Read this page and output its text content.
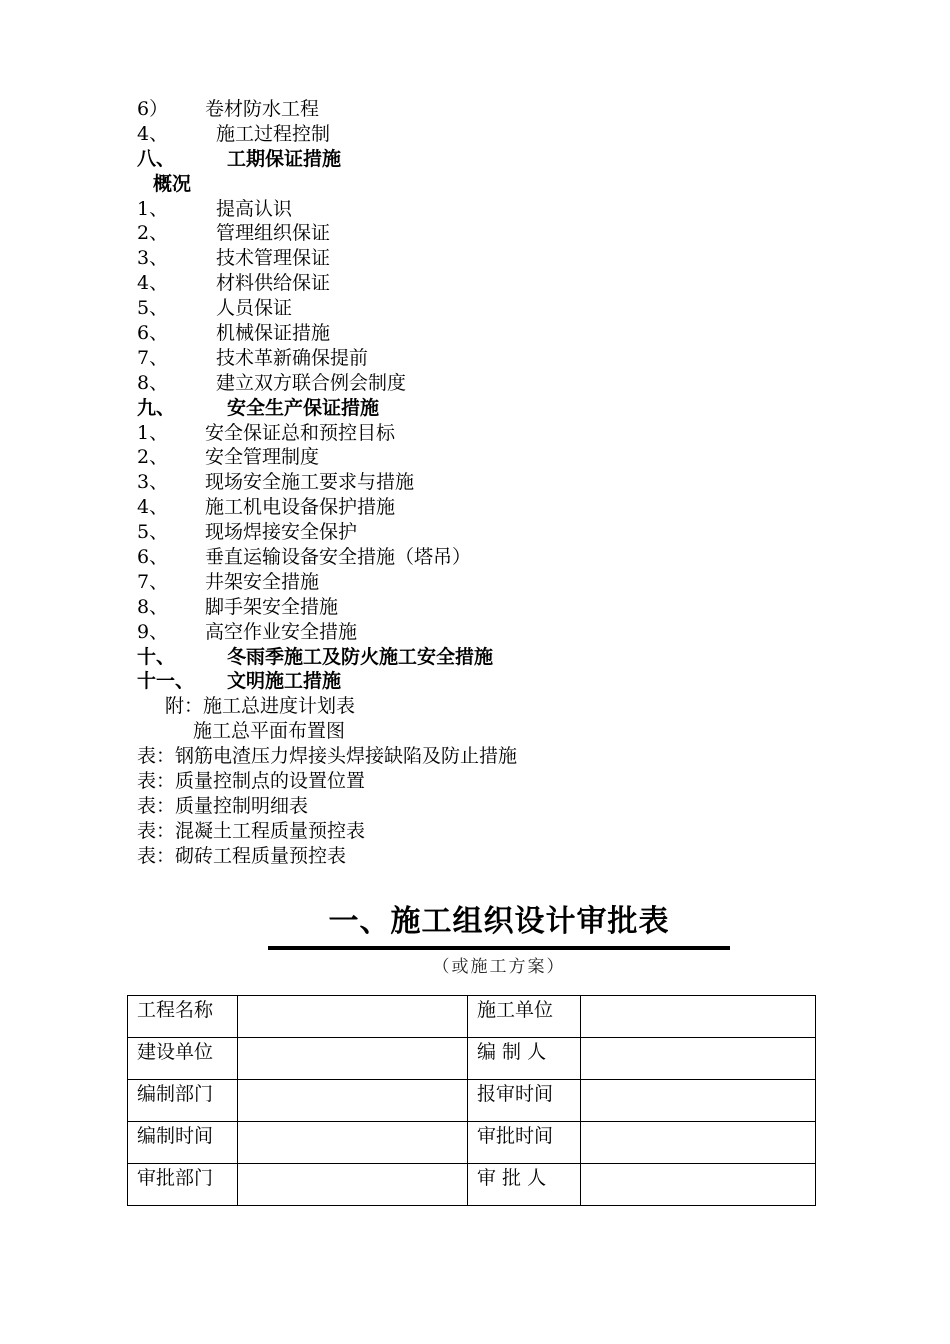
6） 卷材防水工程
4、	施工过程控制
八、	工期保证措施
概况
1、	提高认识
2、	管理组织保证
3、	技术管理保证
4、	材料供给保证
5、	人员保证
6、	机械保证措施
7、	技术革新确保提前
8、	建立双方联合例会制度
九、	安全生产保证措施
1、 安全保证总和预控目标
2、 安全管理制度
3、 现场安全施工要求与措施
4、 施工机电设备保护措施
5、 现场焊接安全保护
6、 垂直运输设备安全措施（塔吊）
7、 井架安全措施
8、 脚手架安全措施
9、 高空作业安全措施
十、	冬雨季施工及防火施工安全措施
十一、 文明施工措施
附：施工总进度计划表
施工总平面布置图
表：钢筋电渣压力焊接头焊接缺陷及防止措施
表：质量控制点的设置位置
表：质量控制明细表
表：混凝土工程质量预控表
表：砌砖工程质量预控表
一、施工组织设计审批表
（或施工方案）
工程名称		施工单位	
建设单位		编 制 人	
编制部门		报审时间	
编制时间		审批时间	
审批部门		审 批 人	
